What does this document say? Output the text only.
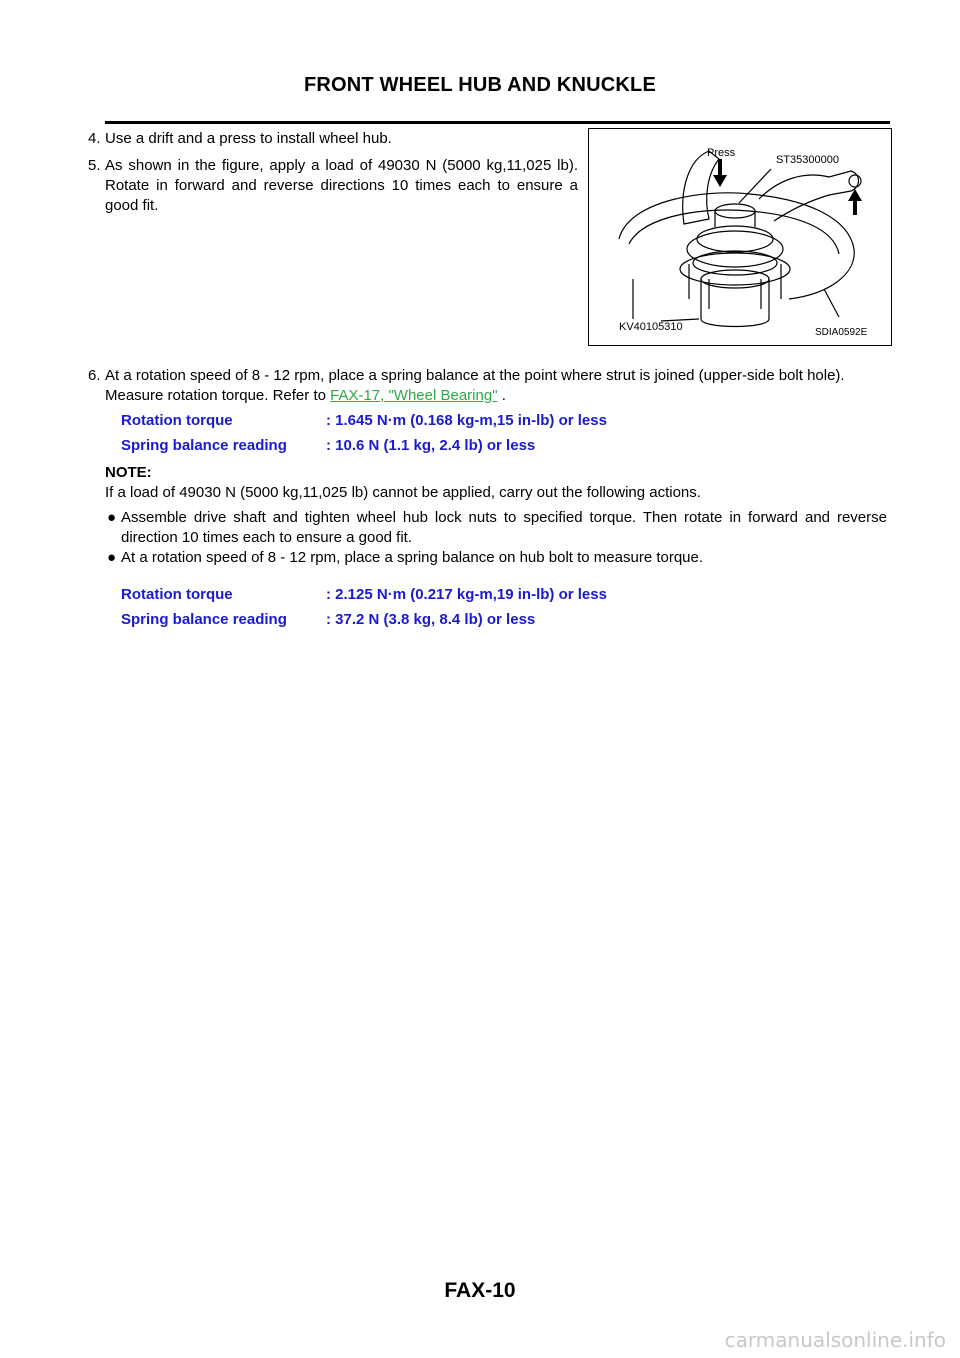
FRONT WHEEL HUB AND KNUCKLE
4. Use a drift and a press to install wheel hub.
5. As shown in the figure, apply a load of 49030 N (5000 kg,11,025 lb). Rotate in forward and reverse directions 10 times each to ensure a good fit.
Press
ST35300000
KV40105310	SDIA0592E
6. At a rotation speed of 8 - 12 rpm, place a spring balance at the point where strut is joined (upper-side bolt hole). Measure rotation torque. Refer to FAX-17, "Wheel Bearing" .
Rotation torque	: 1.645 N·m (0.168 kg-m,15 in-lb) or less
Spring balance reading	: 10.6 N (1.1 kg, 2.4 lb) or less
NOTE:
If a load of 49030 N (5000 kg,11,025 lb) cannot be applied, carry out the following actions.
● Assemble drive shaft and tighten wheel hub lock nuts to specified torque. Then rotate in forward and reverse direction 10 times each to ensure a good fit.
● At a rotation speed of 8 - 12 rpm, place a spring balance on hub bolt to measure torque.
Rotation torque	: 2.125 N·m (0.217 kg-m,19 in-lb) or less
Spring balance reading	: 37.2 N (3.8 kg, 8.4 lb) or less
FAX-10
carmanualsonline.info
